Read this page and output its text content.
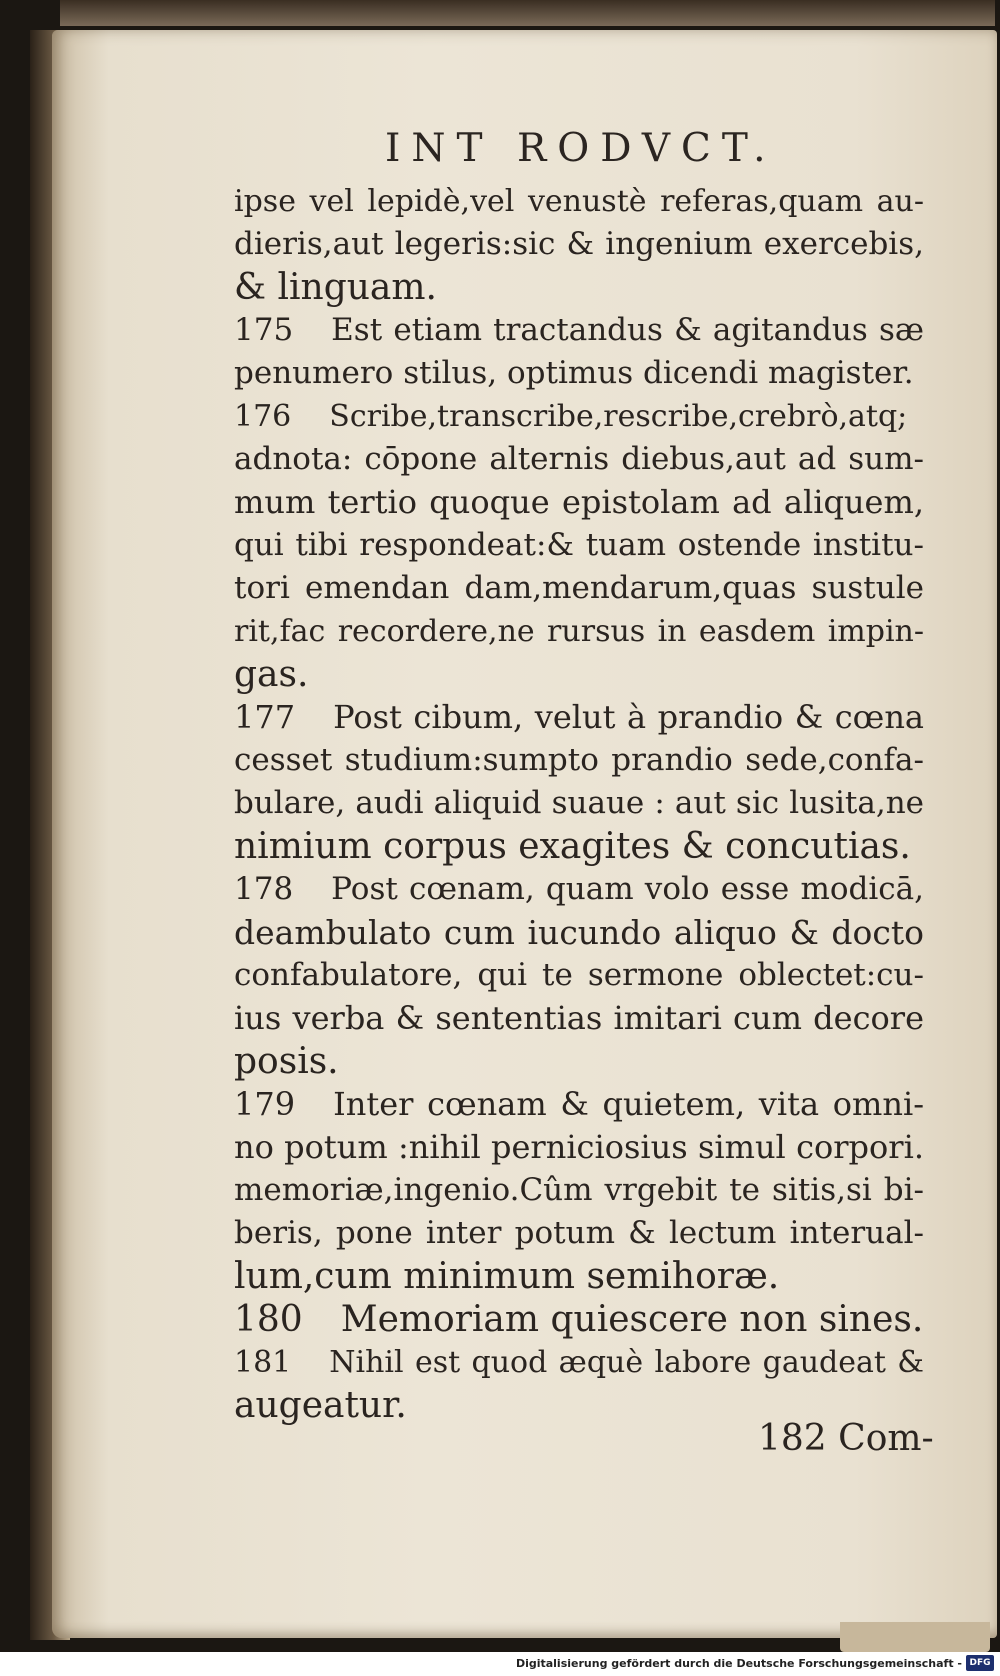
INT RODVCT.
ipse vel lepidè,vel venustè referas,quam au-
dieris,aut legeris:sic & ingenium exercebis,
& linguam.
175 Est etiam tractandus & agitandus sæ
penumero stilus, optimus dicendi magister.
176 Scribe,transcribe,rescribe,crebrò,atq;
adnota: cōpone alternis diebus,aut ad sum-
mum tertio quoque epistolam ad aliquem,
qui tibi respondeat:& tuam ostende institu-
tori emendan dam,mendarum,quas sustule
rit,fac recordere,ne rursus in easdem impin-
gas.
177 Post cibum, velut à prandio & cœna
cesset studium:sumpto prandio sede,confa-
bulare, audi aliquid suaue : aut sic lusita,ne
nimium corpus exagites & concutias.
178 Post cœnam, quam volo esse modicā,
deambulato cum iucundo aliquo & docto
confabulatore, qui te sermone oblectet:cu-
ius verba & sententias imitari cum decore
posis.
179 Inter cœnam & quietem, vita omni-
no potum :nihil perniciosius simul corpori.
memoriæ,ingenio.Cûm vrgebit te sitis,si bi-
beris, pone inter potum & lectum interual-
lum,cum minimum semihoræ.
180 Memoriam quiescere non sines.
181 Nihil est quod æquè labore gaudeat &
augeatur.
182 Com-
Digitalisierung gefördert durch die Deutsche Forschungsgemeinschaft - DFG
